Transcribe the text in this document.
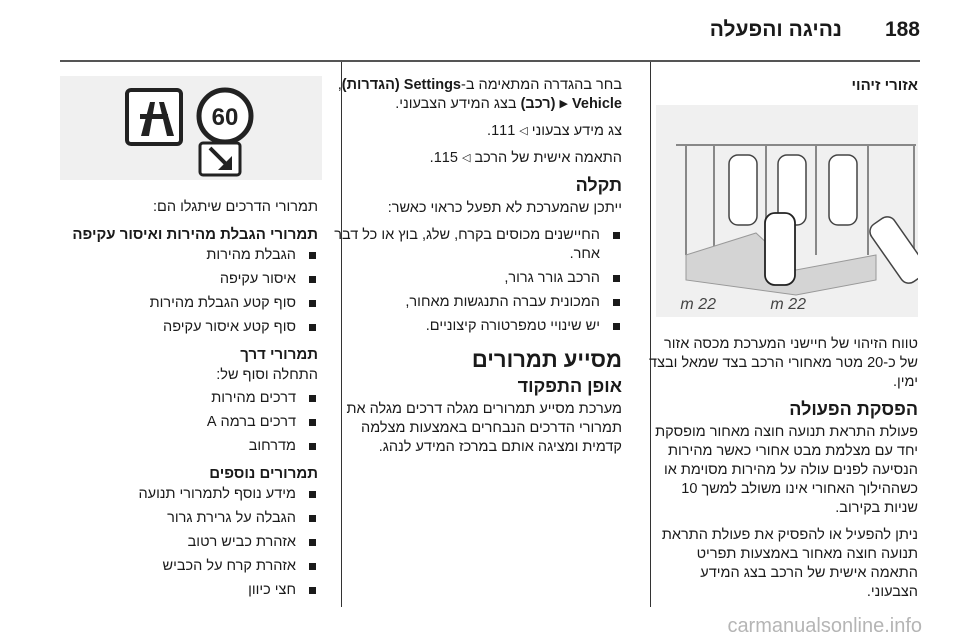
188
נהיגה והפעלה
אזורי זיהוי
22 m	22 m

טווח הזיהוי של חיישני המערכת מכסה אזור של כ-20 מטר מאחורי הרכב בצד שמאל ובצד ימין.

הפסקת הפעולה

פעולת התראת תנועה חוצה מאחור מופסקת יחד עם מצלמת מבט אחורי כאשר מהירות הנסיעה לפנים עולה על מהירות מסוימת או כשההילוך האחורי אינו משולב למשך 10 שניות בקירוב.

ניתן להפעיל או להפסיק את פעולת התראת תנועה חוצה מאחור באמצעות תפריט התאמה אישית של הרכב בצג המידע הצבעוני.

בחר בהגדרה המתאימה ב-Settings (הגדרות), Vehicle ▶ (רכב) בצג המידע הצבעוני.

צג מידע צבעוני ◁ 111.

התאמה אישית של הרכב ◁ 115.

תקלה

ייתכן שהמערכת לא תפעל כראוי כאשר:

החיישנים מכוסים בקרח, שלג, בוץ או כל דבר אחר.
הרכב גורר גרור,
המכונית עברה התנגשות מאחור,
יש שינויי טמפרטורה קיצוניים.
מסייע תמרורים
אופן התפקוד

מערכת מסייע תמרורים מגלה דרכים מגלה את תמרורי הדרכים הנבחרים באמצעות מצלמה קדמית ומציגה אותם במרכז המידע לנהג.

60

תמרורי הדרכים שיתגלו הם:

תמרורי הגבלת מהירות ואיסור עקיפה
הגבלת מהירות
איסור עקיפה
סוף קטע הגבלת מהירות
סוף קטע איסור עקיפה
תמרורי דרך

התחלה וסוף של:

דרכים מהירות
דרכים ברמה A
מדרחוב
תמרורים נוספים
מידע נוסף לתמרורי תנועה
הגבלה על גרירת גרור
אזהרת כביש רטוב
אזהרת קרח על הכביש
חצי כיוון
carmanualsonline.info
